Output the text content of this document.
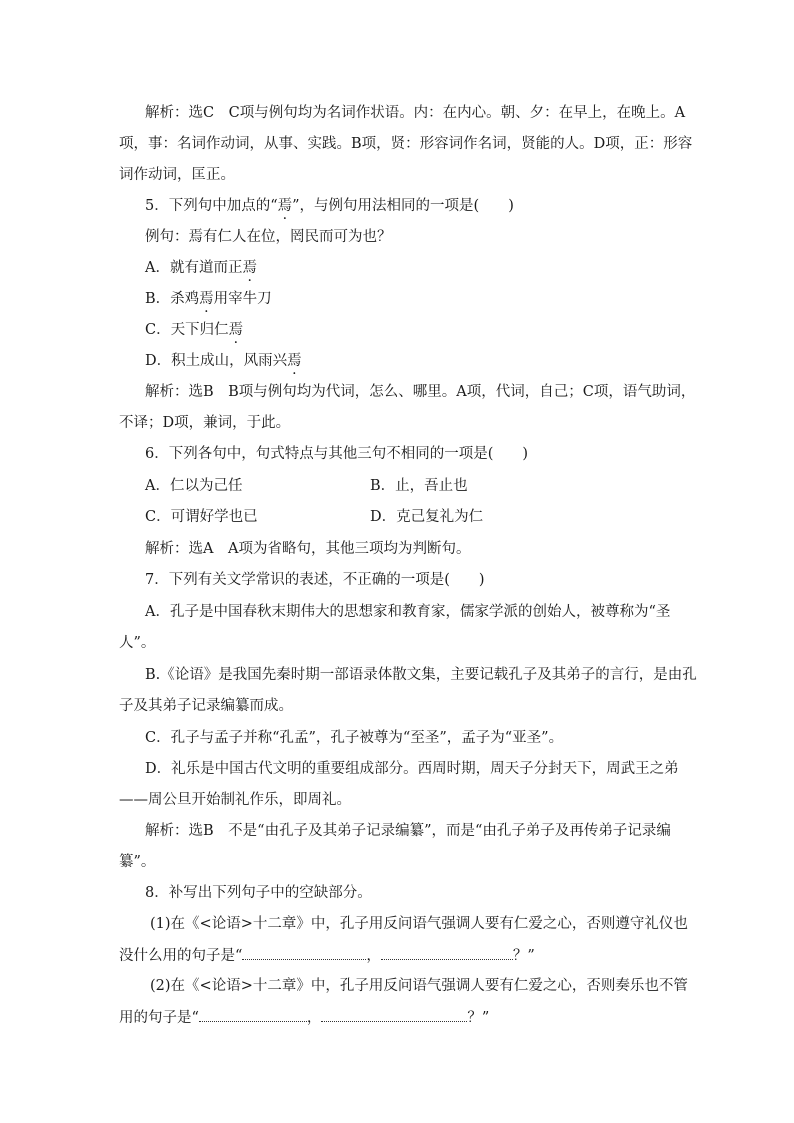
解析：选C　C项与例句均为名词作状语。内：在内心。朝、夕：在早上，在晚上。A
项，事：名词作动词，从事、实践。B项，贤：形容词作名词，贤能的人。D项，正：形容
词作动词，匡正。
5．下列句中加点的“焉”，与例句用法相同的一项是(　　)
例句：焉有仁人在位，罔民而可为也？
A．就有道而正焉
B．杀鸡焉用宰牛刀
C．天下归仁焉
D．积土成山，风雨兴焉
解析：选B　B项与例句均为代词，怎么、哪里。A项，代词，自己；C项，语气助词，
不译；D项，兼词，于此。
6．下列各句中，句式特点与其他三句不相同的一项是(　　)
A．仁以为己任	B．止，吾止也
C．可谓好学也已	D．克己复礼为仁
解析：选A　A项为省略句，其他三项均为判断句。
7．下列有关文学常识的表述，不正确的一项是(　　)
A．孔子是中国春秋末期伟大的思想家和教育家，儒家学派的创始人，被尊称为“圣
人”。
B.《论语》是我国先秦时期一部语录体散文集，主要记载孔子及其弟子的言行，是由孔
子及其弟子记录编纂而成。
C．孔子与孟子并称“孔孟”，孔子被尊为“至圣”，孟子为“亚圣”。
D．礼乐是中国古代文明的重要组成部分。西周时期，周天子分封天下，周武王之弟
——周公旦开始制礼作乐，即周礼。
解析：选B　不是“由孔子及其弟子记录编纂”，而是“由孔子弟子及再传弟子记录编
纂”。
8．补写出下列句子中的空缺部分。
(1)在《<论语>十二章》中，孔子用反问语气强调人要有仁爱之心，否则遵守礼仪也
没什么用的句子是“	，	？”
(2)在《<论语>十二章》中，孔子用反问语气强调人要有仁爱之心，否则奏乐也不管
用的句子是“	，	？”
